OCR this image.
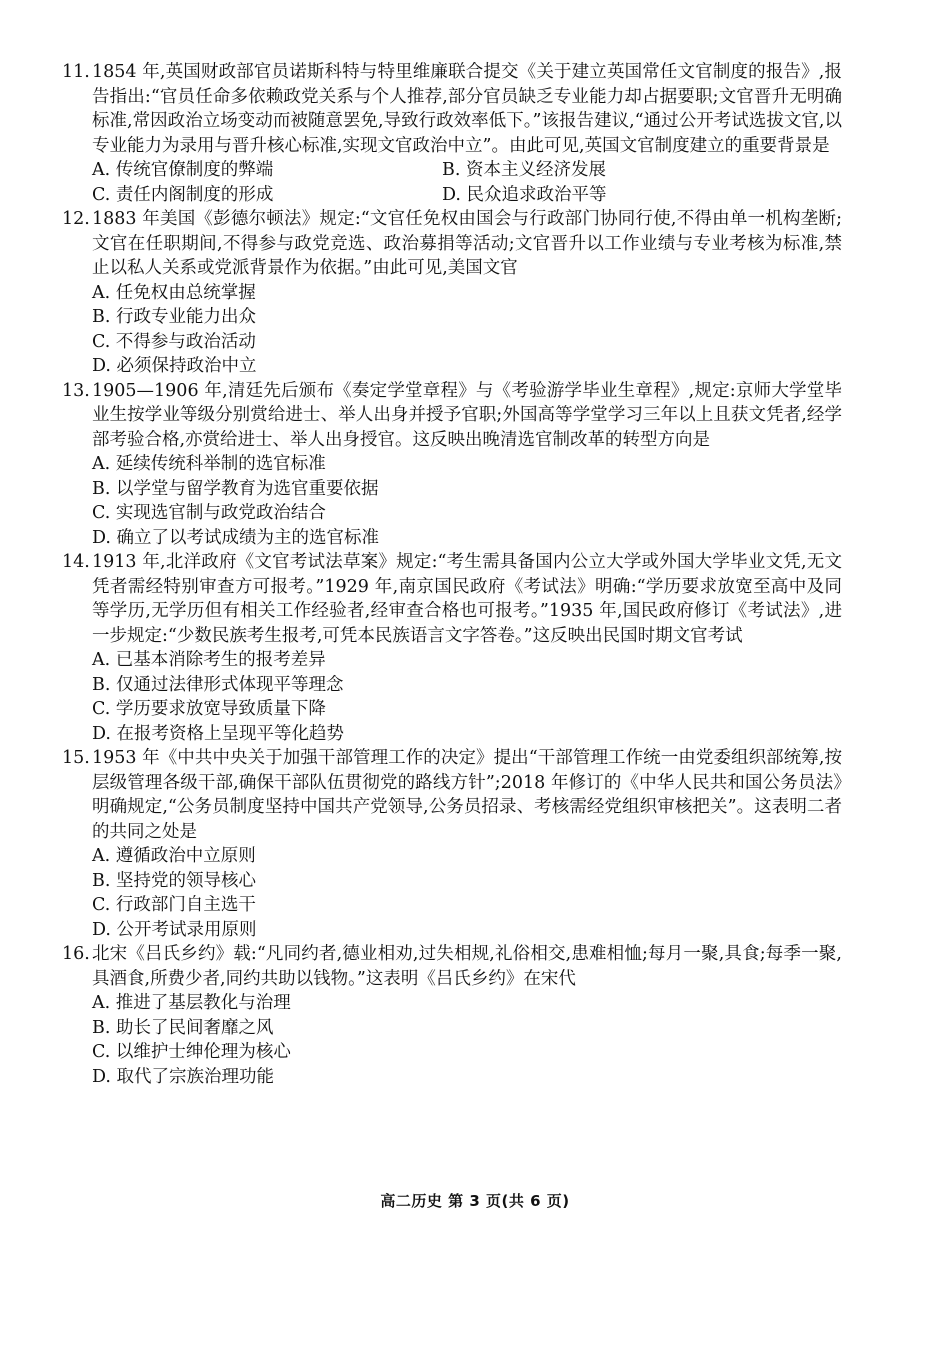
11. 1854 年,英国财政部官员诺斯科特与特里维廉联合提交《关于建立英国常任文官制度的报告》,报告指出:“官员任命多依赖政党关系与个人推荐,部分官员缺乏专业能力却占据要职;文官晋升无明确标准,常因政治立场变动而被随意罢免,导致行政效率低下。”该报告建议,“通过公开考试选拔文官,以专业能力为录用与晋升核心标准,实现文官政治中立”。由此可见,英国文官制度建立的重要背景是
A. 传统官僚制度的弊端	B. 资本主义经济发展
C. 责任内阁制度的形成	D. 民众追求政治平等
12. 1883 年美国《彭德尔顿法》规定:“文官任免权由国会与行政部门协同行使,不得由单一机构垄断;文官在任职期间,不得参与政党竞选、政治募捐等活动;文官晋升以工作业绩与专业考核为标准,禁止以私人关系或党派背景作为依据。”由此可见,美国文官
A. 任免权由总统掌握
B. 行政专业能力出众
C. 不得参与政治活动
D. 必须保持政治中立
13. 1905—1906 年,清廷先后颁布《奏定学堂章程》与《考验游学毕业生章程》,规定:京师大学堂毕业生按学业等级分别赏给进士、举人出身并授予官职;外国高等学堂学习三年以上且获文凭者,经学部考验合格,亦赏给进士、举人出身授官。这反映出晚清选官制改革的转型方向是
A. 延续传统科举制的选官标准
B. 以学堂与留学教育为选官重要依据
C. 实现选官制与政党政治结合
D. 确立了以考试成绩为主的选官标准
14. 1913 年,北洋政府《文官考试法草案》规定:“考生需具备国内公立大学或外国大学毕业文凭,无文凭者需经特别审查方可报考。”1929 年,南京国民政府《考试法》明确:“学历要求放宽至高中及同等学历,无学历但有相关工作经验者,经审查合格也可报考。”1935 年,国民政府修订《考试法》,进一步规定:“少数民族考生报考,可凭本民族语言文字答卷。”这反映出民国时期文官考试
A. 已基本消除考生的报考差异
B. 仅通过法律形式体现平等理念
C. 学历要求放宽导致质量下降
D. 在报考资格上呈现平等化趋势
15. 1953 年《中共中央关于加强干部管理工作的决定》提出“干部管理工作统一由党委组织部统筹,按层级管理各级干部,确保干部队伍贯彻党的路线方针”;2018 年修订的《中华人民共和国公务员法》明确规定,“公务员制度坚持中国共产党领导,公务员招录、考核需经党组织审核把关”。这表明二者的共同之处是
A. 遵循政治中立原则
B. 坚持党的领导核心
C. 行政部门自主选干
D. 公开考试录用原则
16. 北宋《吕氏乡约》载:“凡同约者,德业相劝,过失相规,礼俗相交,患难相恤;每月一聚,具食;每季一聚,具酒食,所费少者,同约共助以钱物。”这表明《吕氏乡约》在宋代
A. 推进了基层教化与治理
B. 助长了民间奢靡之风
C. 以维护士绅伦理为核心
D. 取代了宗族治理功能
高二历史 第 3 页(共 6 页)
